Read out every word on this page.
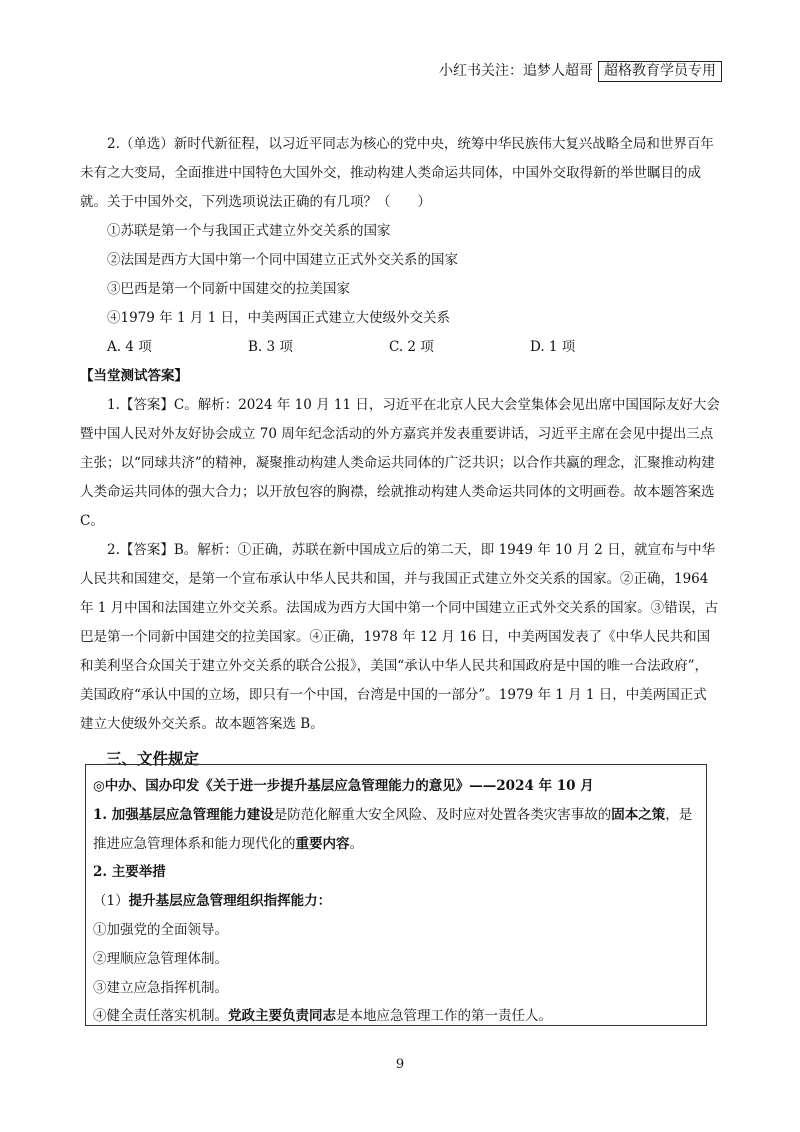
小红书关注：追梦人超哥 超格教育学员专用

2.（单选）新时代新征程，以习近平同志为核心的党中央，统筹中华民族伟大复兴战略全局和世界百年未有之大变局，全面推进中国特色大国外交，推动构建人类命运共同体，中国外交取得新的举世瞩目的成就。关于中国外交，下列选项说法正确的有几项？（　　）

①苏联是第一个与我国正式建立外交关系的国家

②法国是西方大国中第一个同中国建立正式外交关系的国家

③巴西是第一个同新中国建交的拉美国家

④1979 年 1 月 1 日，中美两国正式建立大使级外交关系

A. 4 项	B. 3 项	C. 2 项	D. 1 项

【当堂测试答案】

1.【答案】C。解析：2024 年 10 月 11 日，习近平在北京人民大会堂集体会见出席中国国际友好大会暨中国人民对外友好协会成立 70 周年纪念活动的外方嘉宾并发表重要讲话，习近平主席在会见中提出三点主张；以“同球共济”的精神，凝聚推动构建人类命运共同体的广泛共识；以合作共赢的理念，汇聚推动构建人类命运共同体的强大合力；以开放包容的胸襟，绘就推动构建人类命运共同体的文明画卷。故本题答案选 C。

2.【答案】B。解析：①正确，苏联在新中国成立后的第二天，即 1949 年 10 月 2 日，就宣布与中华人民共和国建交，是第一个宣布承认中华人民共和国，并与我国正式建立外交关系的国家。②正确，1964 年 1 月中国和法国建立外交关系。法国成为西方大国中第一个同中国建立正式外交关系的国家。③错误，古巴是第一个同新中国建交的拉美国家。④正确，1978 年 12 月 16 日，中美两国发表了《中华人民共和国和美利坚合众国关于建立外交关系的联合公报》，美国“承认中华人民共和国政府是中国的唯一合法政府”，美国政府“承认中国的立场，即只有一个中国，台湾是中国的一部分”。1979 年 1 月 1 日，中美两国正式建立大使级外交关系。故本题答案选 B。

三、文件规定

◎中办、国办印发《关于进一步提升基层应急管理能力的意见》——2024 年 10 月

1. 加强基层应急管理能力建设是防范化解重大安全风险、及时应对处置各类灾害事故的固本之策，是推进应急管理体系和能力现代化的重要内容。

2. 主要举措

（1）提升基层应急管理组织指挥能力：

①加强党的全面领导。

②理顺应急管理体制。

③建立应急指挥机制。

④健全责任落实机制。党政主要负责同志是本地应急管理工作的第一责任人。

9
